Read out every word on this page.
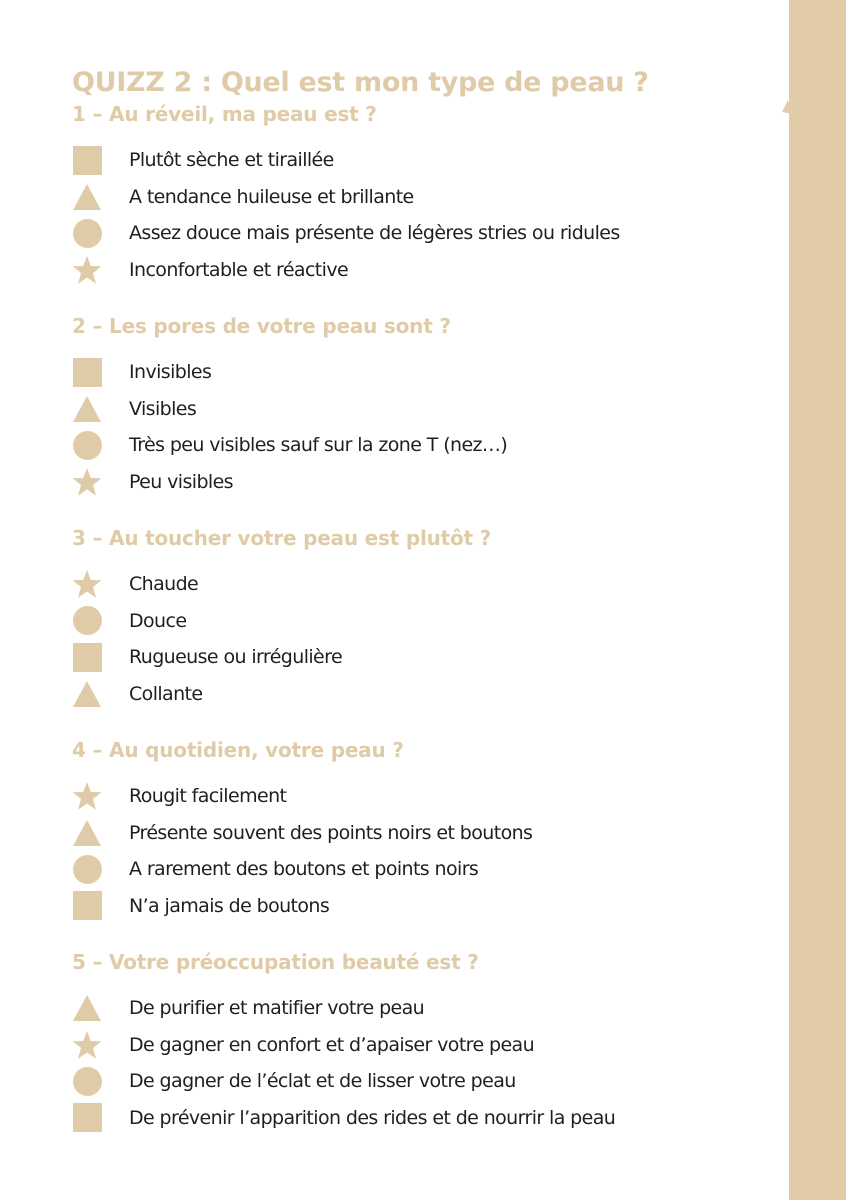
QUIZZ 2 : Quel est mon type de peau ?
1 – Au réveil, ma peau est ?
Plutôt sèche et tiraillée
A tendance huileuse et brillante
Assez douce mais présente de légères stries ou ridules
Inconfortable et réactive
2 – Les pores de votre peau sont ?
Invisibles
Visibles
Très peu visibles sauf sur la zone T (nez…)
Peu visibles
3 – Au toucher votre peau est plutôt ?
Chaude
Douce
Rugueuse ou irrégulière
Collante
4 – Au quotidien, votre peau ?
Rougit facilement
Présente souvent des points noirs et boutons
A rarement des boutons et points noirs
N’a jamais de boutons
5 – Votre préoccupation beauté est ?
De purifier et matifier votre peau
De gagner en confort et d’apaiser votre peau
De gagner de l’éclat et de lisser votre peau
De prévenir l’apparition des rides et de nourrir la peau
